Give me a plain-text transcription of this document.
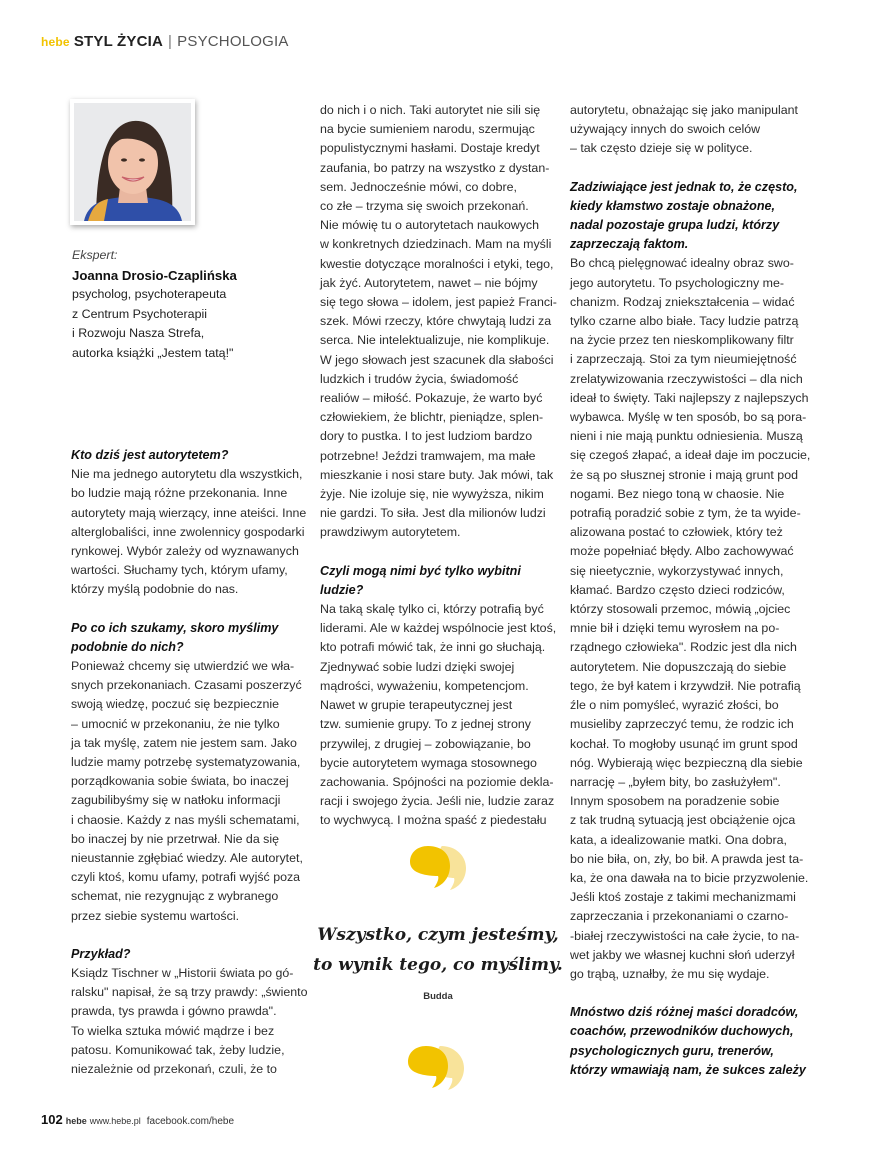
hebe STYL ŻYCIA | PSYCHOLOGIA
Ekspert:
Joanna Drosio-Czaplińska
psycholog, psychoterapeuta
z Centrum Psychoterapii
i Rozwoju Nasza Strefa,
autorka książki „Jestem tatą!"
Kto dziś jest autorytetem?

Nie ma jednego autorytetu dla wszystkich,
bo ludzie mają różne przekonania. Inne
autorytety mają wierzący, inne ateiści. Inne
alterglobaliści, inne zwolennicy gospodarki
rynkowej. Wybór zależy od wyznawanych
wartości. Słuchamy tych, którym ufamy,
którzy myślą podobnie do nas.

Po co ich szukamy, skoro myślimy
podobnie do nich?

Ponieważ chcemy się utwierdzić we wła-
snych przekonaniach. Czasami poszerzyć
swoją wiedzę, poczuć się bezpiecznie
– umocnić w przekonaniu, że nie tylko
ja tak myślę, zatem nie jestem sam. Jako
ludzie mamy potrzebę systematyzowania,
porządkowania sobie świata, bo inaczej
zagubilibyśmy się w natłoku informacji
i chaosie. Każdy z nas myśli schematami,
bo inaczej by nie przetrwał. Nie da się
nieustannie zgłębiać wiedzy. Ale autorytet,
czyli ktoś, komu ufamy, potrafi wyjść poza
schemat, nie rezygnując z wybranego
przez siebie systemu wartości.

Przykład?

Ksiądz Tischner w „Historii świata po gó-
ralsku" napisał, że są trzy prawdy: „świento
prawda, tys prawda i gówno prawda".
To wielka sztuka mówić mądrze i bez
patosu. Komunikować tak, żeby ludzie,
niezależnie od przekonań, czuli, że to

do nich i o nich. Taki autorytet nie sili się
na bycie sumieniem narodu, szermując
populistycznymi hasłami. Dostaje kredyt
zaufania, bo patrzy na wszystko z dystan-
sem. Jednocześnie mówi, co dobre,
co złe – trzyma się swoich przekonań.
Nie mówię tu o autorytetach naukowych
w konkretnych dziedzinach. Mam na myśli
kwestie dotyczące moralności i etyki, tego,
jak żyć. Autorytetem, nawet – nie bójmy
się tego słowa – idolem, jest papież Franci-
szek. Mówi rzeczy, które chwytają ludzi za
serca. Nie intelektualizuje, nie komplikuje.
W jego słowach jest szacunek dla słabości
ludzkich i trudów życia, świadomość
realiów – miłość. Pokazuje, że warto być
człowiekiem, że blichtr, pieniądze, splen-
dory to pustka. I to jest ludziom bardzo
potrzebne! Jeździ tramwajem, ma małe
mieszkanie i nosi stare buty. Jak mówi, tak
żyje. Nie izoluje się, nie wywyższa, nikim
nie gardzi. To siła. Jest dla milionów ludzi
prawdziwym autorytetem.

Czyli mogą nimi być tylko wybitni
ludzie?

Na taką skalę tylko ci, którzy potrafią być
liderami. Ale w każdej wspólnocie jest ktoś,
kto potrafi mówić tak, że inni go słuchają.
Zjednywać sobie ludzi dzięki swojej
mądrości, wyważeniu, kompetencjom.
Nawet w grupie terapeutycznej jest
tzw. sumienie grupy. To z jednej strony
przywilej, z drugiej – zobowiązanie, bo
bycie autorytetem wymaga stosownego
zachowania. Spójności na poziomie dekla-
racji i swojego życia. Jeśli nie, ludzie zaraz
to wychwycą. I można spaść z piedestału

autorytetu, obnażając się jako manipulant
używający innych do swoich celów
– tak często dzieje się w polityce.

Zadziwiające jest jednak to, że często,
kiedy kłamstwo zostaje obnażone,
nadal pozostaje grupa ludzi, którzy
zaprzeczają faktom.

Bo chcą pielęgnować idealny obraz swo-
jego autorytetu. To psychologiczny me-
chanizm. Rodzaj zniekształcenia – widać
tylko czarne albo białe. Tacy ludzie patrzą
na życie przez ten nieskomplikowany filtr
i zaprzeczają. Stoi za tym nieumiejętność
zrelatywizowania rzeczywistości – dla nich
ideał to święty. Taki najlepszy z najlepszych
wybawca. Myślę w ten sposób, bo są pora-
nieni i nie mają punktu odniesienia. Muszą
się czegoś złapać, a ideał daje im poczucie,
że są po słusznej stronie i mają grunt pod
nogami. Bez niego toną w chaosie. Nie
potrafią poradzić sobie z tym, że ta wyide-
alizowana postać to człowiek, który też
może popełniać błędy. Albo zachowywać
się nieetycznie, wykorzystywać innych,
kłamać. Bardzo często dzieci rodziców,
którzy stosowali przemoc, mówią „ojciec
mnie bił i dzięki temu wyrosłem na po-
rządnego człowieka". Rodzic jest dla nich
autorytetem. Nie dopuszczają do siebie
tego, że był katem i krzywdził. Nie potrafią
źle o nim pomyśleć, wyrazić złości, bo
musieliby zaprzeczyć temu, że rodzic ich
kochał. To mogłoby usunąć im grunt spod
nóg. Wybierają więc bezpieczną dla siebie
narrację – „byłem bity, bo zasłużyłem".
Innym sposobem na poradzenie sobie
z tak trudną sytuacją jest obciążenie ojca
kata, a idealizowanie matki. Ona dobra,
bo nie biła, on, zły, bo bił. A prawda jest ta-
ka, że ona dawała na to bicie przyzwolenie.
Jeśli ktoś zostaje z takimi mechanizmami
zaprzeczania i przekonaniami o czarno-
-białej rzeczywistości na całe życie, to na-
wet jakby we własnej kuchni słoń uderzył
go trąbą, uznałby, że mu się wydaje.

Mnóstwo dziś różnej maści doradców,
coachów, przewodników duchowych,
psychologicznych guru, trenerów,
którzy wmawiają nam, że sukces zależy
Wszystko, czym jesteśmy,
to wynik tego, co myślimy.
Budda
102 hebe www.hebe.pl facebook.com/hebe
